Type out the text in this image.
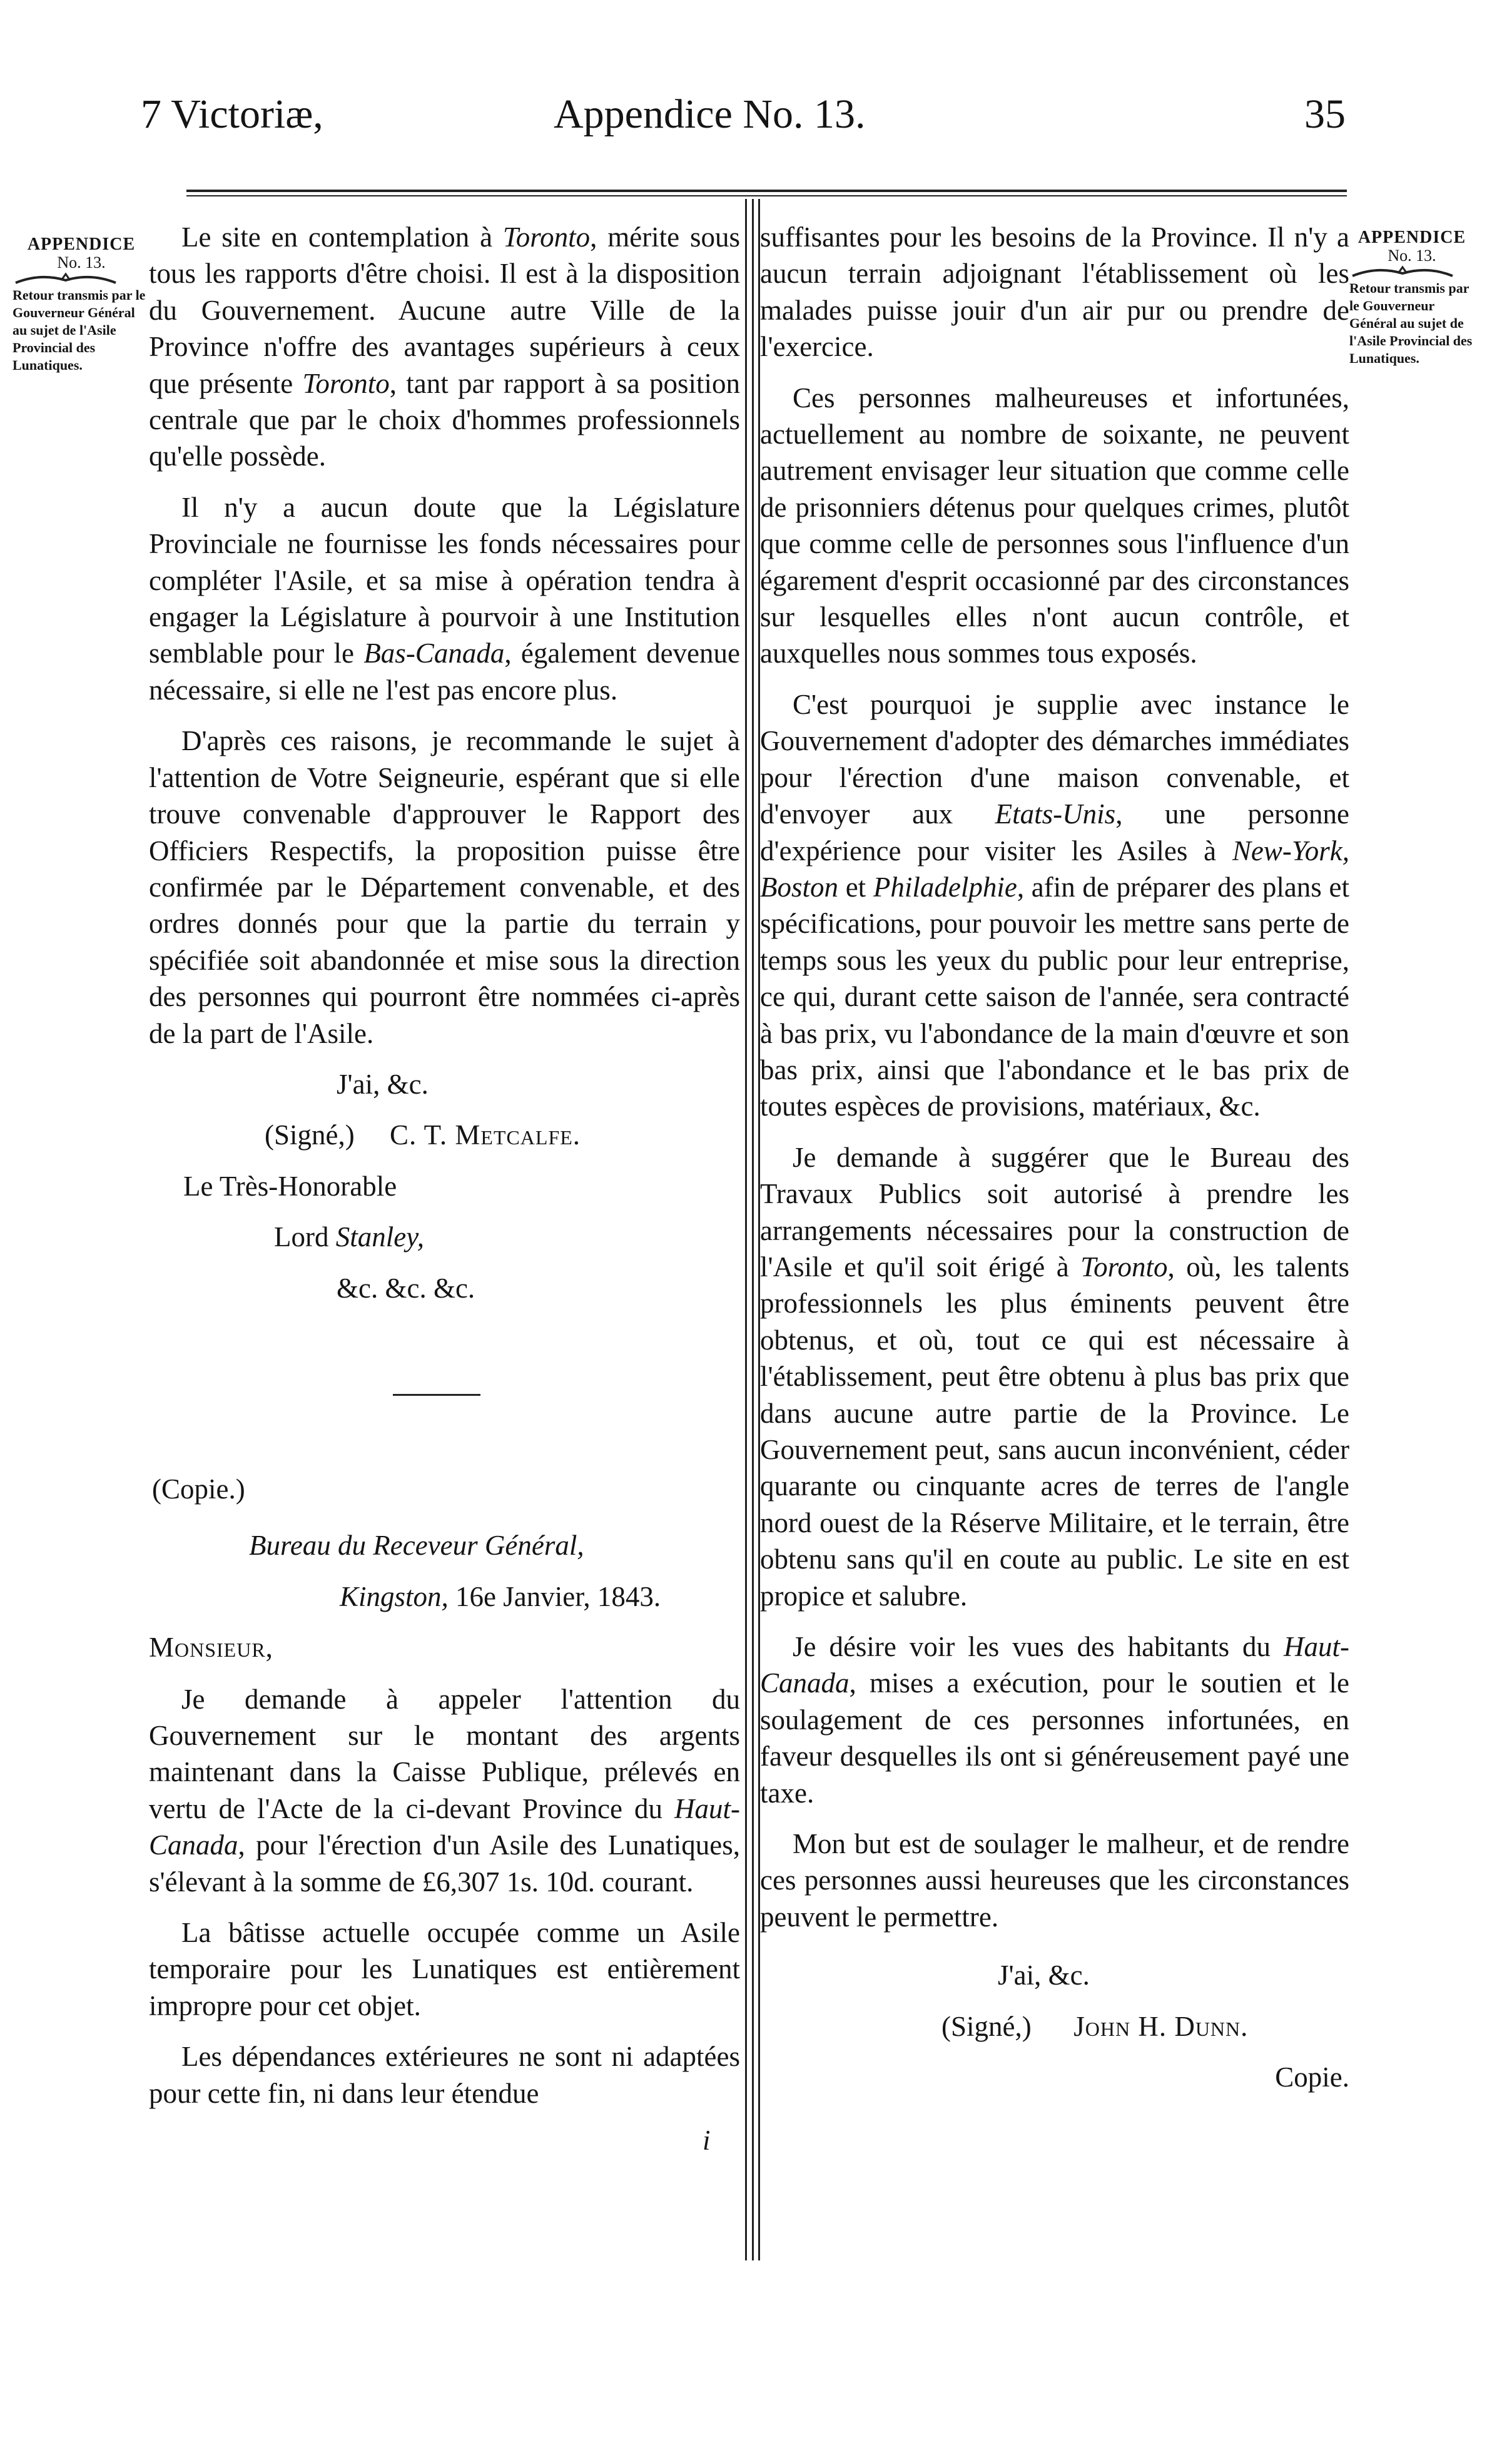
7 Victoriæ,	Appendice No. 13.	35
APPENDICE
No. 13.
Retour transmis par le Gouverneur Général au sujet de l'Asile Provincial des Lunatiques.
APPENDICE
No. 13.
Retour transmis par le Gouverneur Général au sujet de l'Asile Provincial des Lunatiques.

Le site en contemplation à Toronto, mérite sous tous les rapports d'être choisi. Il est à la disposition du Gouvernement. Aucune autre Ville de la Province n'offre des avantages supérieurs à ceux que présente Toronto, tant par rapport à sa position centrale que par le choix d'hommes professionnels qu'elle possède.

Il n'y a aucun doute que la Législature Provinciale ne fournisse les fonds nécessaires pour compléter l'Asile, et sa mise à opération tendra à engager la Législature à pourvoir à une Institution semblable pour le Bas-Canada, également devenue nécessaire, si elle ne l'est pas encore plus.

D'après ces raisons, je recommande le sujet à l'attention de Votre Seigneurie, espérant que si elle trouve convenable d'approuver le Rapport des Officiers Respectifs, la proposition puisse être confirmée par le Département convenable, et des ordres donnés pour que la partie du terrain y spécifiée soit abandonnée et mise sous la direction des personnes qui pourront être nommées ci-après de la part de l'Asile.

J'ai, &c.

(Signé,) C. T. Metcalfe.

Le Très-Honorable

Lord Stanley,

&c. &c. &c.

(Copie.)

Bureau du Receveur Général,

Kingston, 16e Janvier, 1843.

Monsieur,

Je demande à appeler l'attention du Gouvernement sur le montant des argents maintenant dans la Caisse Publique, prélevés en vertu de l'Acte de la ci-devant Province du Haut-Canada, pour l'érection d'un Asile des Lunatiques, s'élevant à la somme de £6,307 1s. 10d. courant.

La bâtisse actuelle occupée comme un Asile temporaire pour les Lunatiques est entièrement impropre pour cet objet.

Les dépendances extérieures ne sont ni adaptées pour cette fin, ni dans leur étendue

i

suffisantes pour les besoins de la Province. Il n'y a aucun terrain adjoignant l'établissement où les malades puisse jouir d'un air pur ou prendre de l'exercice.

Ces personnes malheureuses et infortunées, actuellement au nombre de soixante, ne peuvent autrement envisager leur situation que comme celle de prisonniers détenus pour quelques crimes, plutôt que comme celle de personnes sous l'influence d'un égarement d'esprit occasionné par des circonstances sur lesquelles elles n'ont aucun contrôle, et auxquelles nous sommes tous exposés.

C'est pourquoi je supplie avec instance le Gouvernement d'adopter des démarches immédiates pour l'érection d'une maison convenable, et d'envoyer aux Etats-Unis, une personne d'expérience pour visiter les Asiles à New-York, Boston et Philadelphie, afin de préparer des plans et spécifications, pour pouvoir les mettre sans perte de temps sous les yeux du public pour leur entreprise, ce qui, durant cette saison de l'année, sera contracté à bas prix, vu l'abondance de la main d'œuvre et son bas prix, ainsi que l'abondance et le bas prix de toutes espèces de provisions, matériaux, &c.

Je demande à suggérer que le Bureau des Travaux Publics soit autorisé à prendre les arrangements nécessaires pour la construction de l'Asile et qu'il soit érigé à Toronto, où, les talents professionnels les plus éminents peuvent être obtenus, et où, tout ce qui est nécessaire à l'établissement, peut être obtenu à plus bas prix que dans aucune autre partie de la Province. Le Gouvernement peut, sans aucun inconvénient, céder quarante ou cinquante acres de terres de l'angle nord ouest de la Réserve Militaire, et le terrain, être obtenu sans qu'il en coute au public. Le site en est propice et salubre.

Je désire voir les vues des habitants du Haut-Canada, mises a exécution, pour le soutien et le soulagement de ces personnes infortunées, en faveur desquelles ils ont si généreusement payé une taxe.

Mon but est de soulager le malheur, et de rendre ces personnes aussi heureuses que les circonstances peuvent le permettre.

J'ai, &c.

(Signé,) John H. Dunn.

Copie.
